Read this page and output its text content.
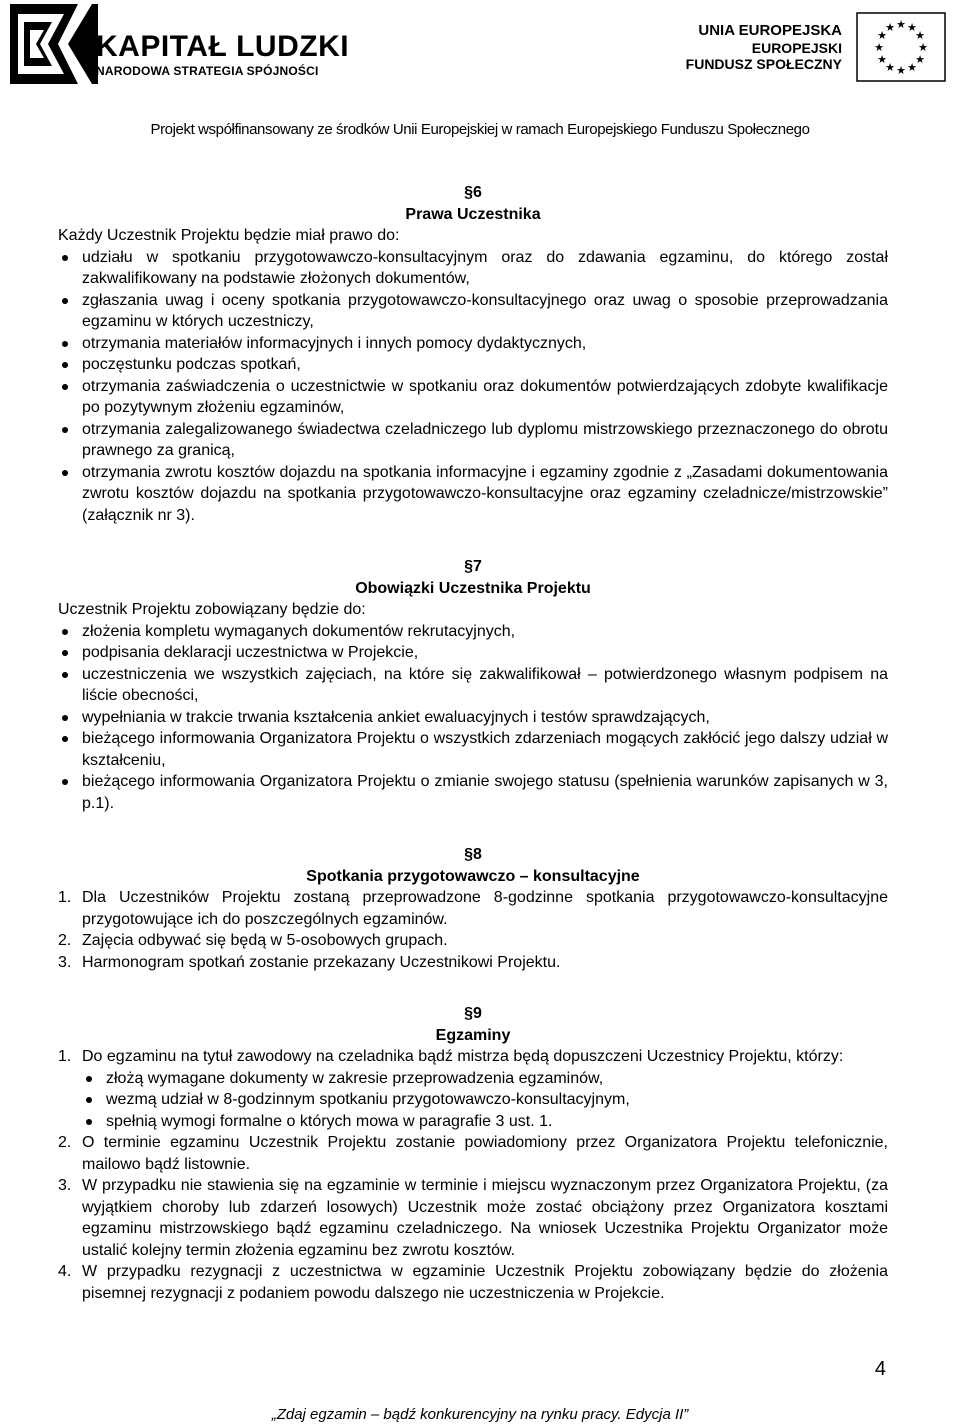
KAPITAŁ LUDZKI
NARODOWA STRATEGIA SPÓJNOŚCI
UNIA EUROPEJSKA
EUROPEJSKI
FUNDUSZ SPOŁECZNY
★ ★
★
★
★
★
★
★
★
★
★
★
Projekt współfinansowany ze środków Unii Europejskiej w ramach Europejskiego Funduszu Społecznego
§ 6
Prawa Uczestnika

Każdy Uczestnik Projektu będzie miał prawo do:

udziału w spotkaniu przygotowawczo-konsultacyjnym oraz do zdawania egzaminu, do którego został zakwalifikowany na podstawie złożonych dokumentów,
zgłaszania uwag i oceny spotkania przygotowawczo-konsultacyjnego oraz uwag o sposobie przeprowadzania egzaminu w których uczestniczy,
otrzymania materiałów informacyjnych i innych pomocy dydaktycznych,
poczęstunku podczas spotkań,
otrzymania zaświadczenia o uczestnictwie w spotkaniu oraz dokumentów potwierdzających zdobyte kwalifikacje po pozytywnym złożeniu egzaminów,
otrzymania zalegalizowanego świadectwa czeladniczego lub dyplomu mistrzowskiego przeznaczonego do obrotu prawnego za granicą,
otrzymania zwrotu kosztów dojazdu na spotkania informacyjne i egzaminy zgodnie z „Zasadami dokumentowania zwrotu kosztów dojazdu na spotkania przygotowawczo-konsultacyjne oraz egzaminy czeladnicze/mistrzowskie” (załącznik nr 3).
§ 7
Obowiązki Uczestnika Projektu

Uczestnik Projektu zobowiązany będzie do:

złożenia kompletu wymaganych dokumentów rekrutacyjnych,
podpisania deklaracji uczestnictwa w Projekcie,
uczestniczenia we wszystkich zajęciach, na które się zakwalifikował – potwierdzonego własnym podpisem na liście obecności,
wypełniania w trakcie trwania kształcenia ankiet ewaluacyjnych i testów sprawdzających,
bieżącego informowania Organizatora Projektu o wszystkich zdarzeniach mogących zakłócić jego dalszy udział w kształceniu,
bieżącego informowania Organizatora Projektu o zmianie swojego statusu (spełnienia warunków zapisanych w 3, p.1).
§ 8
Spotkania przygotowawczo – konsultacyjne
1. Dla Uczestników Projektu zostaną przeprowadzone 8-godzinne spotkania przygotowawczo-konsultacyjne przygotowujące ich do poszczególnych egzaminów.
2. Zajęcia odbywać się będą w 5-osobowych grupach.
3. Harmonogram spotkań zostanie przekazany Uczestnikowi Projektu.
§ 9
Egzaminy
1. Do egzaminu na tytuł zawodowy na czeladnika bądź mistrza będą dopuszczeni Uczestnicy Projektu, którzy:
złożą wymagane dokumenty w zakresie przeprowadzenia egzaminów,
wezmą udział w 8-godzinnym spotkaniu przygotowawczo-konsultacyjnym,
spełnią wymogi formalne o których mowa w paragrafie 3 ust. 1.
2. O terminie egzaminu Uczestnik Projektu zostanie powiadomiony przez Organizatora Projektu telefonicznie, mailowo bądź listownie.
3. W przypadku nie stawienia się na egzaminie w terminie i miejscu wyznaczonym przez Organizatora Projektu, (za wyjątkiem choroby lub zdarzeń losowych) Uczestnik może zostać obciążony przez Organizatora kosztami egzaminu mistrzowskiego bądź egzaminu czeladniczego. Na wniosek Uczestnika Projektu Organizator może ustalić kolejny termin złożenia egzaminu bez zwrotu kosztów.
4. W przypadku rezygnacji z uczestnictwa w egzaminie Uczestnik Projektu zobowiązany będzie do złożenia pisemnej rezygnacji z podaniem powodu dalszego nie uczestniczenia w Projekcie.
4
„Zdaj egzamin – bądź konkurencyjny na rynku pracy. Edycja II”
